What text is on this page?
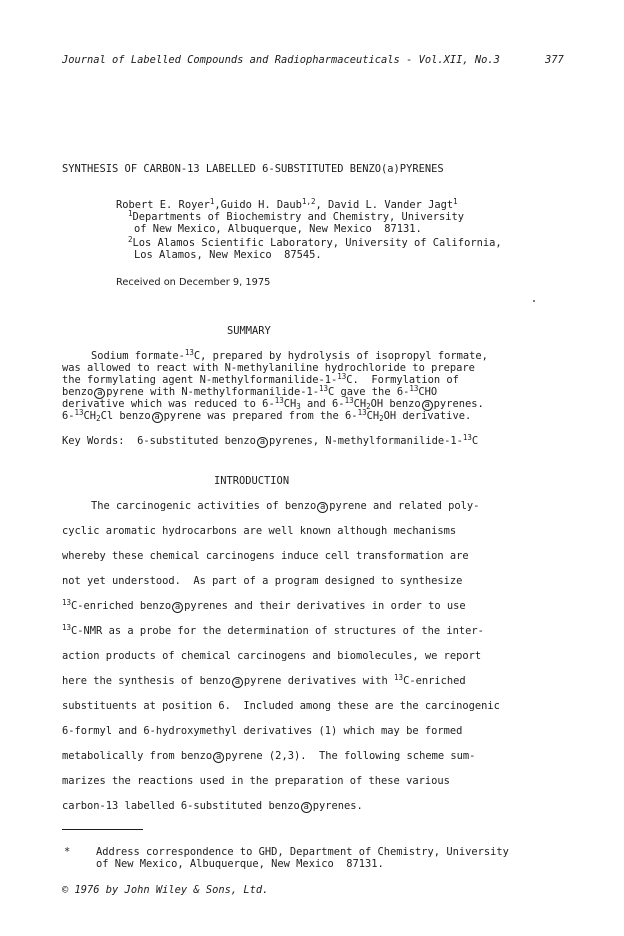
Journal of Labelled Compounds and Radiopharmaceuticals - Vol.XII, No.3	377
SYNTHESIS OF CARBON-13 LABELLED 6-SUBSTITUTED BENZO(a)PYRENES
Robert E. Royer$^1$,Guido H. Daub$^{1,2}$, David L. Vander Jagt$^1$
$^1$Departments of Biochemistry and Chemistry, University
of New Mexico, Albuquerque, New Mexico  87131.
$^2$Los Alamos Scientific Laboratory, University of California,
Los Alamos, New Mexico  87545.
Received on December 9, 1975
SUMMARY
Sodium formate-$^{13}$C, prepared by hydrolysis of isopropyl formate,
was allowed to react with N-methylaniline hydrochloride to prepare
the formylating agent N-methylformanilide-1-$^{13}$C.  Formylation of
benzo a pyrene with N-methylformanilide-1-$^{13}$C gave the 6-$^{13}$CHO
derivative which was reduced to $6-^{13}CH_3$ and $6-^{13}CH_2OH$ benzo a pyrenes.
$6-^{13}CH_2Cl$ benzo a pyrene was prepared from the $6-^{13}CH_2OH$ derivative.
Key Words:  6-substituted benzo a pyrenes, N-methylformanilide-1-$^{13}$C
INTRODUCTION
The carcinogenic activities of benzo a pyrene and related poly-
cyclic aromatic hydrocarbons are well known although mechanisms
whereby these chemical carcinogens induce cell transformation are
not yet understood.  As part of a program designed to synthesize
$^{13}$C-enriched benzo a pyrenes and their derivatives in order to use
$^{13}$C-NMR as a probe for the determination of structures of the inter-
action products of chemical carcinogens and biomolecules, we report
here the synthesis of benzo a pyrene derivatives with $^{13}$C-enriched
substituents at position 6.  Included among these are the carcinogenic
6-formyl and 6-hydroxymethyl derivatives (1) which may be formed
metabolically from benzo a pyrene (2,3).  The following scheme sum-
marizes the reactions used in the preparation of these various
carbon-13 labelled 6-substituted benzo a pyrenes.
* Address correspondence to GHD, Department of Chemistry, University
of New Mexico, Albuquerque, New Mexico  87131.
© 1976 by John Wiley & Sons, Ltd.
